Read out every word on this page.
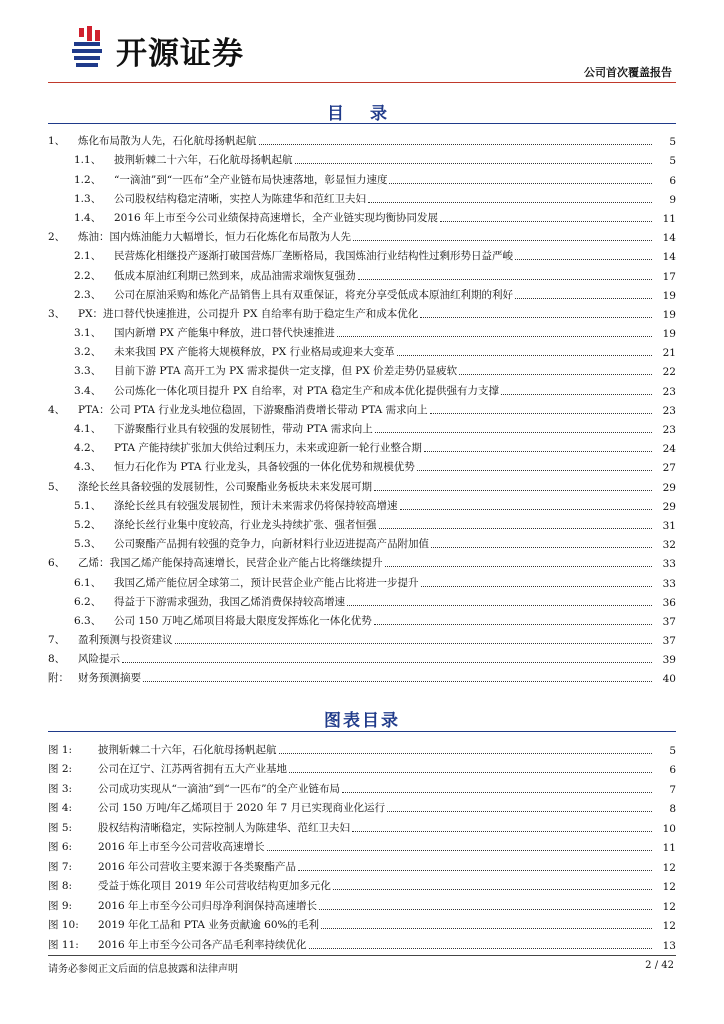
开源证券
公司首次覆盖报告
目 录
1、	炼化布局散为人先，石化航母扬帆起航	5
1.1、	披荆斩棘二十六年，石化航母扬帆起航	5
1.2、	“一滴油”到“一匹布”全产业链布局快速落地，彰显恒力速度	6
1.3、	公司股权结构稳定清晰，实控人为陈建华和范红卫夫妇	9
1.4、	2016 年上市至今公司业绩保持高速增长，全产业链实现均衡协同发展	11
2、	炼油：国内炼油能力大幅增长，恒力石化炼化布局散为人先	14
2.1、	民营炼化相继投产逐渐打破国营炼厂垄断格局，我国炼油行业结构性过剩形势日益严峻	14
2.2、	低成本原油红利期已然到来，成品油需求端恢复强劲	17
2.3、	公司在原油采购和炼化产品销售上具有双重保证，将充分享受低成本原油红利期的利好	19
3、	PX：进口替代快速推进，公司提升 PX 自给率有助于稳定生产和成本优化	19
3.1、	国内新增 PX 产能集中释放，进口替代快速推进	19
3.2、	未来我国 PX 产能将大规模释放，PX 行业格局或迎来大变革	21
3.3、	目前下游 PTA 高开工为 PX 需求提供一定支撑，但 PX 价差走势仍显疲软	22
3.4、	公司炼化一体化项目提升 PX 自给率，对 PTA 稳定生产和成本优化提供强有力支撑	23
4、	PTA：公司 PTA 行业龙头地位稳固，下游聚酯消费增长带动 PTA 需求向上	23
4.1、	下游聚酯行业具有较强的发展韧性，带动 PTA 需求向上	23
4.2、	PTA 产能持续扩张加大供给过剩压力，未来或迎新一轮行业整合期	24
4.3、	恒力石化作为 PTA 行业龙头，具备较强的一体化优势和规模优势	27
5、	涤纶长丝具备较强的发展韧性，公司聚酯业务板块未来发展可期	29
5.1、	涤纶长丝具有较强发展韧性，预计未来需求仍将保持较高增速	29
5.2、	涤纶长丝行业集中度较高，行业龙头持续扩张、强者恒强	31
5.3、	公司聚酯产品拥有较强的竞争力，向新材料行业迈进提高产品附加值	32
6、	乙烯：我国乙烯产能保持高速增长，民营企业产能占比将继续提升	33
6.1、	我国乙烯产能位居全球第二，预计民营企业产能占比将进一步提升	33
6.2、	得益于下游需求强劲，我国乙烯消费保持较高增速	36
6.3、	公司 150 万吨乙烯项目将最大限度发挥炼化一体化优势	37
7、	盈利预测与投资建议	37
8、	风险提示	39
附： 财务预测摘要	40
图表目录
图 1:	披荆斩棘二十六年，石化航母扬帆起航	5
图 2:	公司在辽宁、江苏两省拥有五大产业基地	6
图 3:	公司成功实现从“一滴油”到“一匹布”的全产业链布局	7
图 4:	公司 150 万吨/年乙烯项目于 2020 年 7 月已实现商业化运行	8
图 5:	股权结构清晰稳定，实际控制人为陈建华、范红卫夫妇	10
图 6:	2016 年上市至今公司营收高速增长	11
图 7:	2016 年公司营收主要来源于各类聚酯产品	12
图 8:	受益于炼化项目 2019 年公司营收结构更加多元化	12
图 9:	2016 年上市至今公司归母净利润保持高速增长	12
图 10:	2019 年化工品和 PTA 业务贡献逾 60%的毛利	12
图 11:	2016 年上市至今公司各产品毛利率持续优化	13
请务必参阅正文后面的信息披露和法律声明	2 / 42
